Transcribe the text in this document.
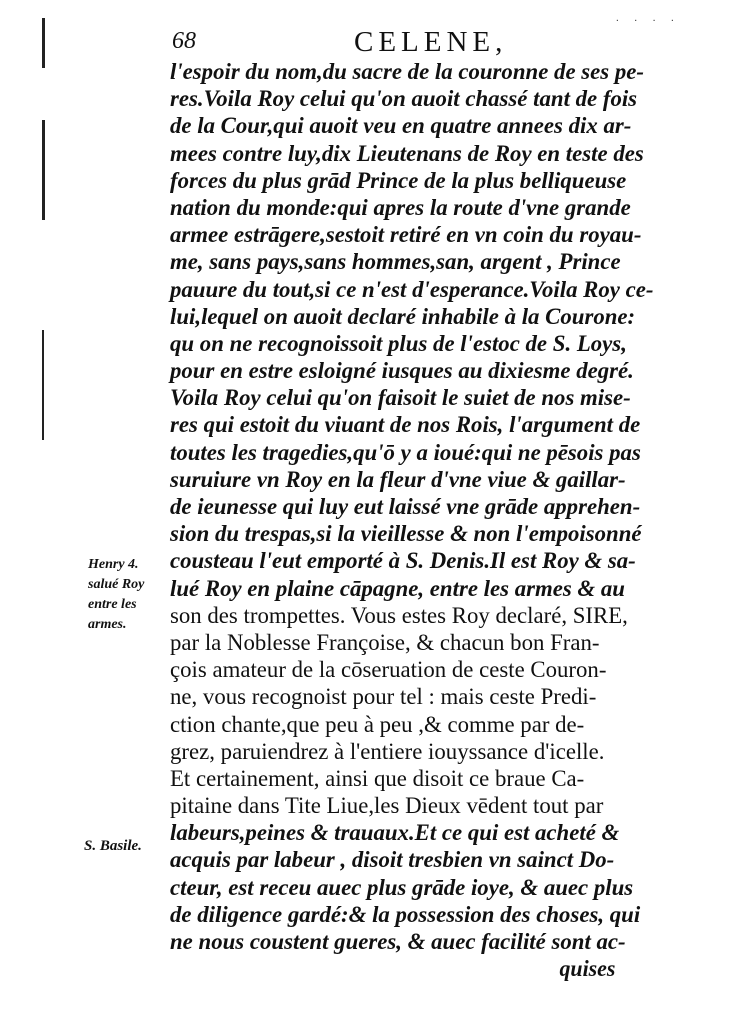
· · · ·
68	CELENE,
Henry 4.
salué Roy
entre les
armes.
S. Basile.
l'espoir du nom,du sacre de la couronne de ses pe-
res.Voila Roy celui qu'on auoit chassé tant de fois
de la Cour,qui auoit veu en quatre annees dix ar-
mees contre luy,dix Lieutenans de Roy en teste des
forces du plus grād Prince de la plus belliqueuse
nation du monde:qui apres la route d'vne grande
armee estrāgere,sestoit retiré en vn coin du royau-
me, sans pays,sans hommes,san, argent , Prince
pauure du tout,si ce n'est d'esperance.Voila Roy ce-
lui,lequel on auoit declaré inhabile à la Courone:
qu on ne recognoissoit plus de l'estoc de S. Loys,
pour en estre esloigné iusques au dixiesme degré.
Voila Roy celui qu'on faisoit le suiet de nos mise-
res qui estoit du viuant de nos Rois, l'argument de
toutes les tragedies,qu'ō y a ioué:qui ne pēsois pas
suruiure vn Roy en la fleur d'vne viue & gaillar-
de ieunesse qui luy eut laissé vne grāde apprehen-
sion du trespas,si la vieillesse & non l'empoisonné
cousteau l'eut emporté à S. Denis.Il est Roy & sa-
lué Roy en plaine cāpagne, entre les armes & au
son des trompettes. Vous estes Roy declaré, SIRE,
par la Noblesse Françoise, & chacun bon Fran-
çois amateur de la cōseruation de ceste Couron-
ne, vous recognoist pour tel : mais ceste Predi-
ction chante,que peu à peu ,& comme par de-
grez, paruiendrez à l'entiere iouyssance d'icelle.
Et certainement, ainsi que disoit ce braue Ca-
pitaine dans Tite Liue,les Dieux vēdent tout par
labeurs,peines & trauaux.Et ce qui est acheté &
acquis par labeur , disoit tresbien vn sainct Do-
cteur, est receu auec plus grāde ioye, & auec plus
de diligence gardé:& la possession des choses, qui
ne nous coustent gueres, & auec facilité sont ac-
quises
